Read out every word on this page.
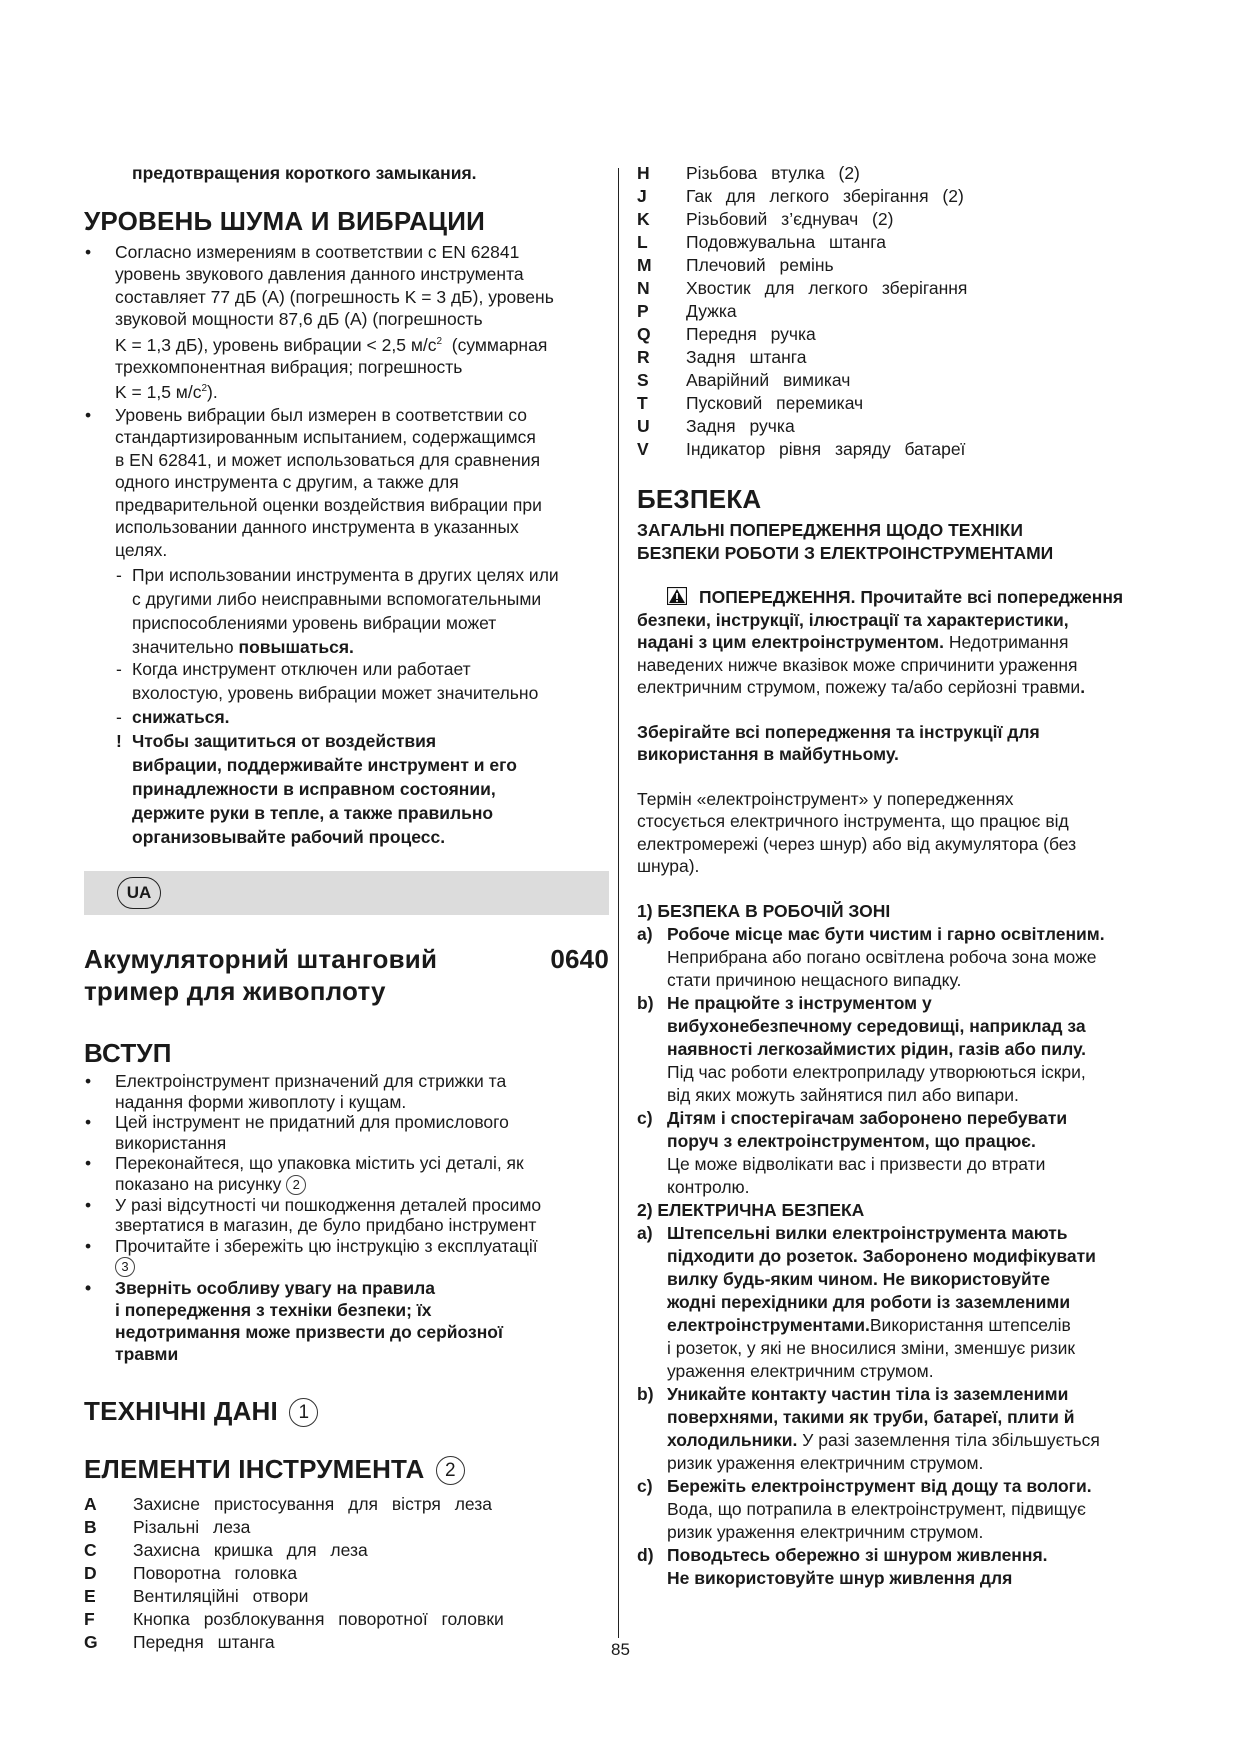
предотвращения короткого замыкания.

УРОВЕНЬ ШУМА И ВИБРАЦИИ
• Согласно измерениям в соответствии с EN 62841
уровень звукового давления данного инструмента
составляет 77 дБ (A) (погрешность K = 3 дБ), уровень
звуковой мощности 87,6 дБ (A) (погрешность
K = 1,3 дБ), уровень вибрации < 2,5 $м/с^2$ (суммарная
трехкомпонентная вибрация; погрешность
K = 1,5 $м/с^2$).
• Уровень вибрации был измерен в соответствии со
стандартизированным испытанием, содержащимся
в EN 62841, и может использоваться для сравнения
одного инструмента с другим, а также для
предварительной оценки воздействия вибрации при
использовании данного инструмента в указанных
целях.
- При использовании инструмента в других целях или
с другими либо неисправными вспомогательными
приспособлениями уровень вибрации может
значительно повышаться.
- Когда инструмент отключен или работает
вхолостую, уровень вибрации может значительно

- снижаться.
! Чтобы защититься от воздействия
вибрации, поддерживайте инструмент и его
принадлежности в исправном состоянии,
держите руки в тепле, а также правильно
организовывайте рабочий процесс.
UA
Акумуляторний штанговий
тример для живоплоту
0640
ВСТУП
• Електроінструмент призначений для стрижки та
надання форми живоплоту і кущам.
• Цей інструмент не придатний для промислового
використання
• Переконайтеся, що упаковка містить усі деталі, як
показано на рисунку 2
• У разі відсутності чи пошкодження деталей просимо
звертатися в магазин, де було придбано інструмент
• Прочитайте і збережіть цю інструкцію з експлуатації
3
• Зверніть особливу увагу на правила
і попередження з техніки безпеки; їх
недотримання може призвести до серйозної
травми
ТЕХНІЧНІ ДАНІ 1
ЕЛЕМЕНТИ ІНСТРУМЕНТА 2
A	Захисне пристосування для вістря леза
B	Різальні леза
C	Захисна кришка для леза
D	Поворотна головка
E	Вентиляційні отвори
F	Кнопка розблокування поворотної головки
G	Передня штанга
H	Різьбова втулка (2)
J	Гак для легкого зберігання (2)
K	Різьбовий з’єднувач (2)
L	Подовжувальна штанга
M	Плечовий ремінь
N	Хвостик для легкого зберігання
P	Дужка
Q	Передня ручка
R	Задня штанга
S	Аварійний вимикач
T	Пусковий перемикач
U	Задня ручка
V	Індикатор рівня заряду батареї
БЕЗПЕКА
ЗАГАЛЬНІ ПОПЕРЕДЖЕННЯ ЩОДО ТЕХНІКИ
БЕЗПЕКИ РОБОТИ З ЕЛЕКТРОІНСТРУМЕНТАМИ

ПОПЕРЕДЖЕННЯ. Прочитайте всі попередження
безпеки, інструкції, ілюстрації та характеристики,
надані з цим електроінструментом. Недотримання
наведених нижче вказівок може спричинити ураження
електричним струмом, пожежу та/або серйозні травми.

Зберігайте всі попередження та інструкції для
використання в майбутньому.

Термін «електроінструмент» у попередженнях
стосується електричного інструмента, що працює від
електромережі (через шнур) або від акумулятора (без
шнура).

1) БЕЗПЕКА В РОБОЧІЙ ЗОНІ
a) Робоче місце має бути чистим і гарно освітленим.
Неприбрана або погано освітлена робоча зона може
стати причиною нещасного випадку.
b) Не працюйте з інструментом у
вибухонебезпечному середовищі, наприклад за
наявності легкозаймистих рідин, газів або пилу.
Під час роботи електроприладу утворюються іскри,
від яких можуть зайнятися пил або випари.
c) Дітям і спостерігачам заборонено перебувати
поруч з електроінструментом, що працює.
Це може відволікати вас і призвести до втрати
контролю.
2) ЕЛЕКТРИЧНА БЕЗПЕКА
a) Штепсельні вилки електроінструмента мають
підходити до розеток. Заборонено модифікувати
вилку будь-яким чином. Не використовуйте
жодні перехідники для роботи із заземленими
електроінструментами.Використання штепселів
і розеток, у які не вносилися зміни, зменшує ризик
ураження електричним струмом.
b) Уникайте контакту частин тіла із заземленими
поверхнями, такими як труби, батареї, плити й
холодильники. У разі заземлення тіла збільшується
ризик ураження електричним струмом.
c) Бережіть електроінструмент від дощу та вологи.
Вода, що потрапила в електроінструмент, підвищує
ризик ураження електричним струмом.
d) Поводьтесь обережно зі шнуром живлення.
Не використовуйте шнур живлення для
85
